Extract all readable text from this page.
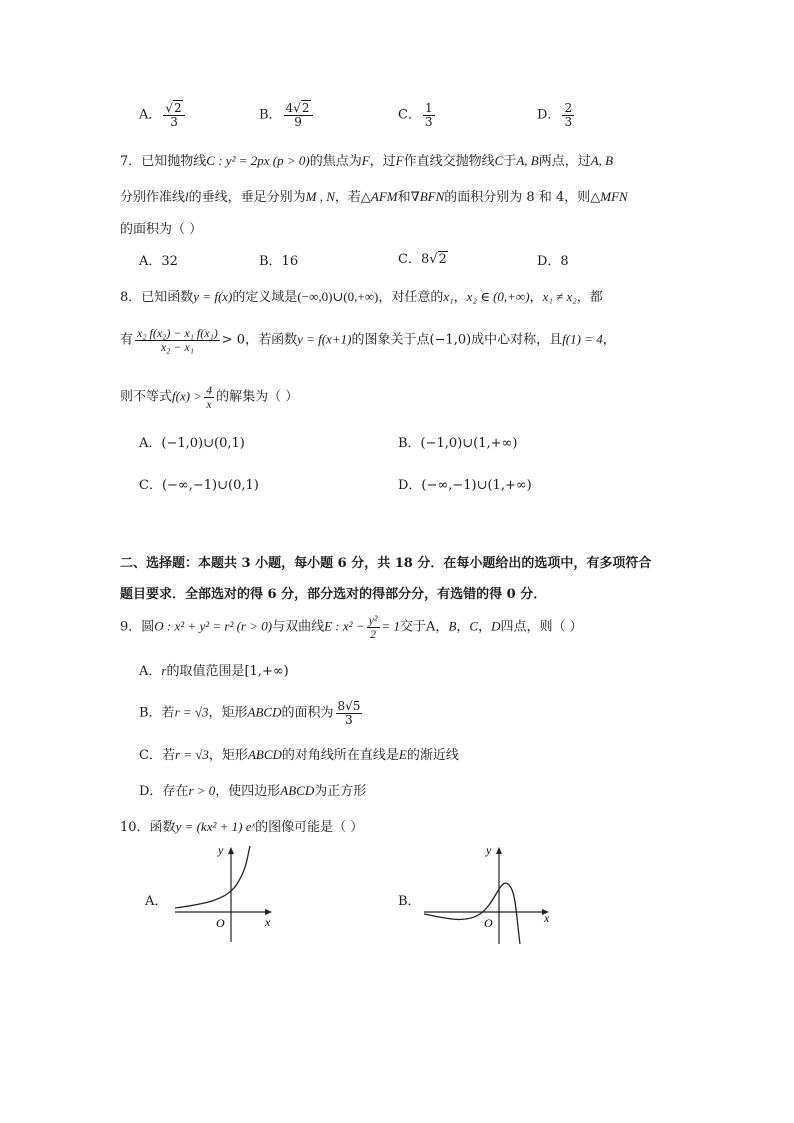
A． $\frac{√2}{3}$	B． $\frac{4√2}{9}$	C． $\frac{1}{3}$	D． $\frac{2}{3}$
7．已知抛物线C : y² = 2px (p > 0)的焦点为F，过F作直线交抛物线C于A, B两点，过A, B
分别作准线l的垂线，垂足分别为M , N，若△AFM和∇BFN的面积分别为 8 和 4，则△MFN
的面积为（ ）
A．32	B．16	C．8√2	D．8
8．已知函数y = f(x)的定义域是(−∞,0)∪(0,+∞)，对任意的x₁，x₂ ∈ (0,+∞)，x₁ ≠ x₂，都
有 $\frac{\text{x₂ f(x₂) − x₁ f(x₁)}}{\text{x₂ − x₁}} > 0$，若函数y = f(x+1)的图象关于点(−1,0)成中心对称，且f(1) = 4，
则不等式$f(x) > \frac{4}{x}$ 的解集为（ ）
A．(−1,0)∪(0,1)	B．(−1,0)∪(1,+∞)
C．(−∞,−1)∪(0,1)	D．(−∞,−1)∪(1,+∞)
二、选择题：本题共 3 小题，每小题 6 分，共 18 分．在每小题给出的选项中，有多项符合
题目要求．全部选对的得 6 分，部分选对的得部分分，有选错的得 0 分．
9．圆O : x² + y² = r² (r > 0)与双曲线E : $x^2 - \frac{\text{y²}}{2} = 1$交于A，B，C，D四点，则（ ）
A．r的取值范围是[1,+∞)
B．若r = √3，矩形ABCD的面积为 $\frac{8√5}{3}$
C．若r = √3，矩形ABCD的对角线所在直线是E的渐近线
D．存在r > 0，使四边形ABCD为正方形
10．函数y = (kx² + 1) eˣ的图像可能是（ ）
A．
y
x
O
B．
y
x
O
